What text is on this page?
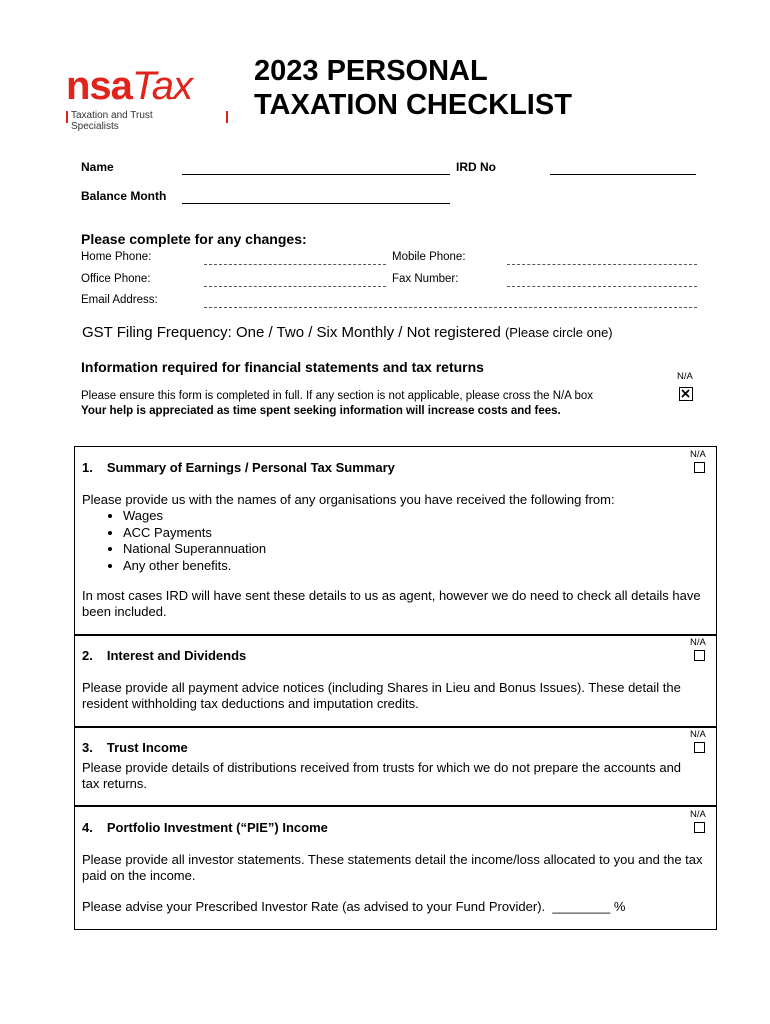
nsaTax
Taxation and Trust Specialists
2023 PERSONAL
TAXATION CHECKLIST
Name	IRD No
Balance Month
Please complete for any changes:
Home Phone:	Mobile Phone:
Office Phone:	Fax Number:
Email Address:
GST Filing Frequency: One / Two / Six Monthly / Not registered (Please circle one)
Information required for financial statements and tax returns
N/A
Please ensure this form is completed in full. If any section is not applicable, please cross the N/A box
Your help is appreciated as time spent seeking information will increase costs and fees.
N/A
1. Summary of Earnings / Personal Tax Summary
Please provide us with the names of any organisations you have received the following from:
• Wages
• ACC Payments
• National Superannuation
• Any other benefits.
In most cases IRD will have sent these details to us as agent, however we do need to check all details have been included.
N/A
2. Interest and Dividends
Please provide all payment advice notices (including Shares in Lieu and Bonus Issues). These detail the resident withholding tax deductions and imputation credits.
N/A
3. Trust Income
Please provide details of distributions received from trusts for which we do not prepare the accounts and tax returns.
N/A
4. Portfolio Investment (“PIE”) Income
Please provide all investor statements. These statements detail the income/loss allocated to you and the tax paid on the income.
Please advise your Prescribed Investor Rate (as advised to your Fund Provider). ________ %
